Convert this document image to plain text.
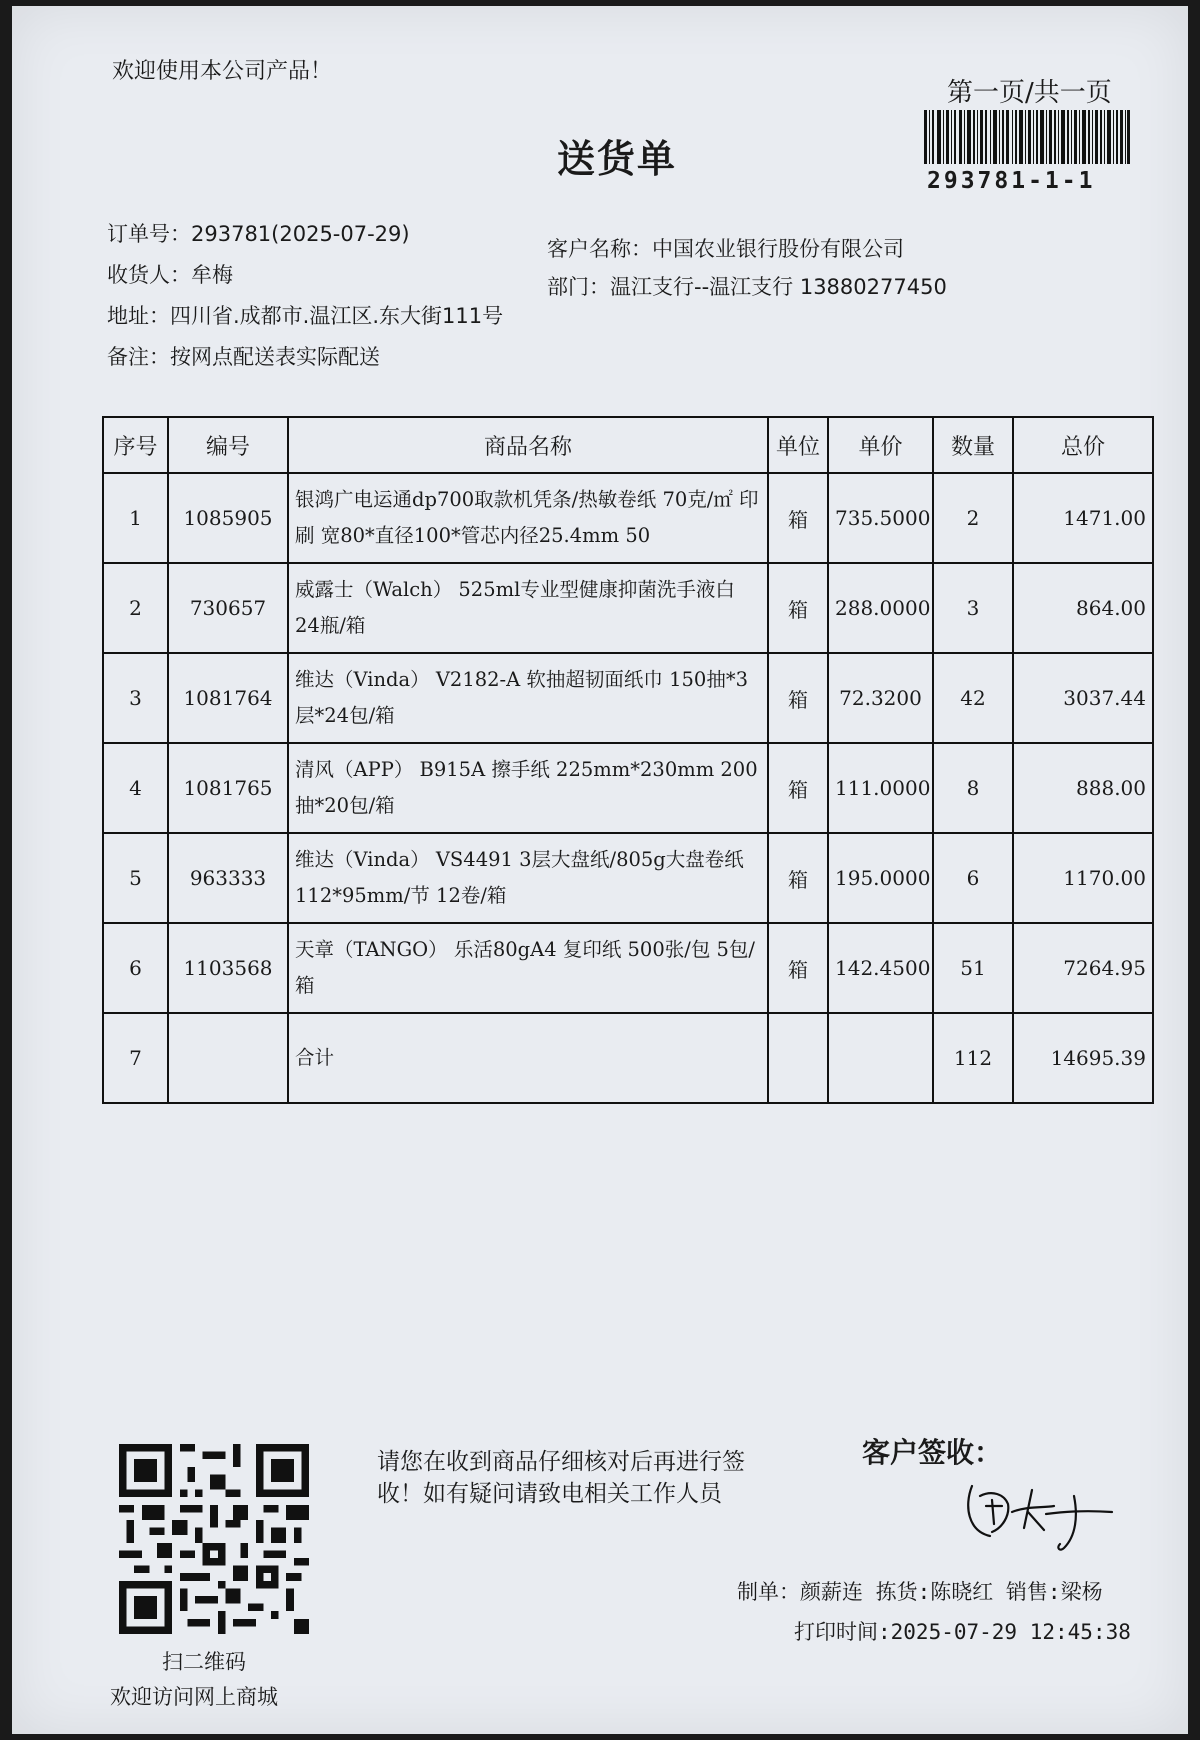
欢迎使用本公司产品！
第一页/共一页
送货单	293781-1-1
订单号：293781(2025-07-29)
收货人：牟梅
地址：四川省.成都市.温江区.东大街111号
备注：按网点配送表实际配送
客户名称：中国农业银行股份有限公司
部门：温江支行--温江支行 13880277450
序号	编号	商品名称	单位	单价	数量	总价
1	1085905	银鸿广电运通dp700取款机凭条/热敏卷纸 70克/㎡ 印刷 宽80*直径100*管芯内径25.4mm 50	箱	735.5000	2	1471.00
2	730657	威露士（Walch） 525ml专业型健康抑菌洗手液白 24瓶/箱	箱	288.0000	3	864.00
3	1081764	维达（Vinda） V2182-A 软抽超韧面纸巾 150抽*3层*24包/箱	箱	72.3200	42	3037.44
4	1081765	清风（APP） B915A 擦手纸 225mm*230mm 200抽*20包/箱	箱	111.0000	8	888.00
5	963333	维达（Vinda） VS4491 3层大盘纸/805g大盘卷纸 112*95mm/节 12卷/箱	箱	195.0000	6	1170.00
6	1103568	天章（TANGO） 乐活80gA4 复印纸 500张/包 5包/箱	箱	142.4500	51	7264.95
7		合计			112	14695.39
扫二维码
欢迎访问网上商城
请您在收到商品仔细核对后再进行签
收！如有疑问请致电相关工作人员
客户签收：
制单：颜薪连 拣货:陈晓红 销售:梁杨
打印时间:2025-07-29 12:45:38
